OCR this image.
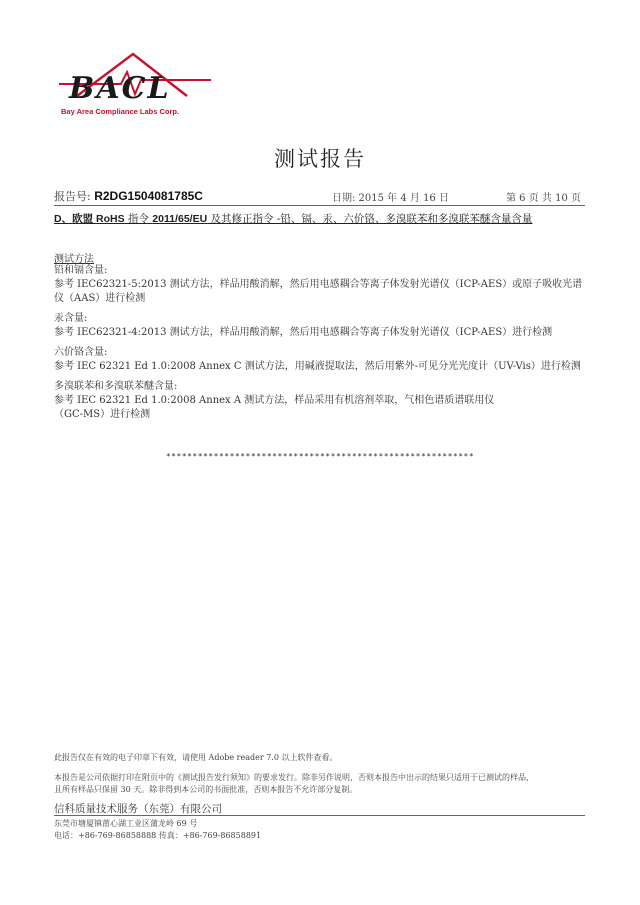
BACL
Bay Area Compliance Labs Corp.
测试报告
报告号: R2DG1504081785C	日期: 2015 年 4 月 16 日	第 6 页 共 10 页
D、欧盟 RoHS 指令 2011/65/EU 及其修正指令 -铅、镉、汞、六价铬、多溴联苯和多溴联苯醚含量含量
测试方法
铅和镉含量:
参考 IEC62321-5:2013 测试方法，样品用酸消解，然后用电感耦合等离子体发射光谱仪（ICP-AES）或原子吸收光谱
仪（AAS）进行检测
汞含量:
参考 IEC62321-4:2013 测试方法，样品用酸消解，然后用电感耦合等离子体发射光谱仪（ICP-AES）进行检测
六价铬含量:
参考 IEC 62321 Ed 1.0:2008 Annex C 测试方法，用碱液提取法，然后用紫外-可见分光光度计（UV-Vis）进行检测
多溴联苯和多溴联苯醚含量:
参考 IEC 62321 Ed 1.0:2008 Annex A 测试方法，样品采用有机溶剂萃取，气相色谱质谱联用仪
（GC-MS）进行检测
**********************************************************
此报告仅在有效的电子印章下有效，请使用 Adobe reader 7.0 以上软件查看。
本报告是公司依据打印在附页中的《测试报告发行须知》的要求发行。除非另作说明，否则本报告中出示的结果只适用于已测试的样品，
且所有样品只保留 30 天。除非得到本公司的书面批准，否则本报告不允许部分复制。
信科质量技术服务（东莞）有限公司
东莞市塘厦镇莆心湖工业区蒲龙岭 69 号
电话：+86-769-86858888 传真：+86-769-86858891
